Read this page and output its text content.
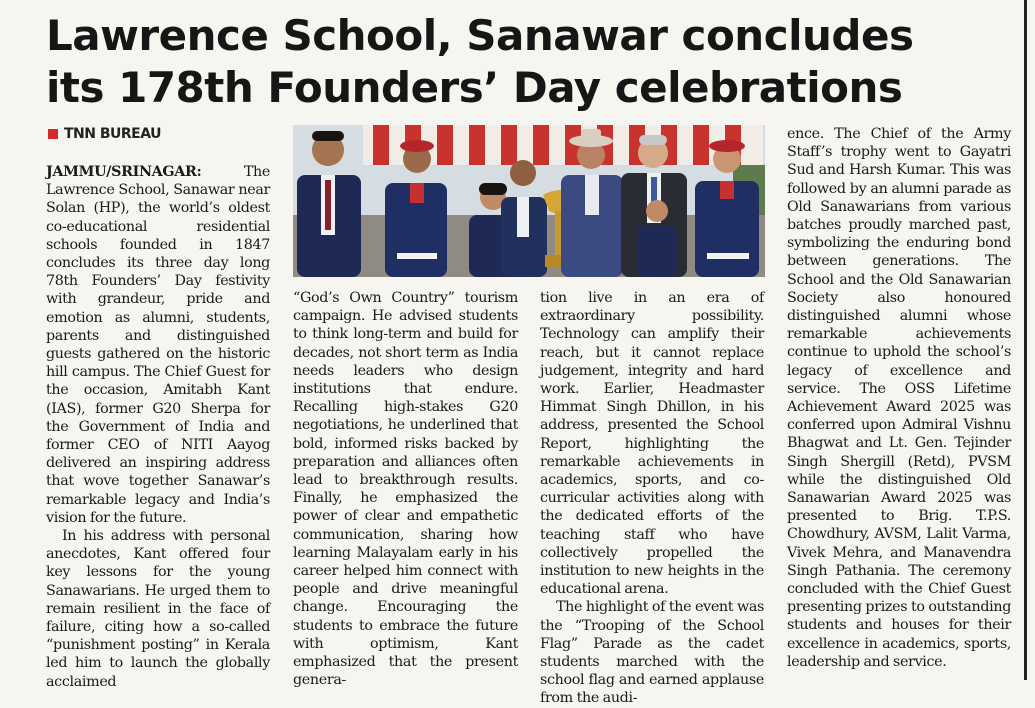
Lawrence School, Sanawar concludes
its 178th Founders’ Day celebrations
TNN BUREAU

JAMMU/SRINAGAR: The Lawrence School, Sanawar near Solan (HP), the world’s oldest co-educational residential schools founded in 1847 concludes its three day long 78th Founders’ Day festivity with grandeur, pride and emotion as alumni, students, parents and distinguished guests gathered on the historic hill campus. The Chief Guest for the occasion, Amitabh Kant (IAS), former G20 Sherpa for the Government of India and former CEO of NITI Aayog delivered an inspiring address that wove together Sanawar’s remarkable legacy and India’s vision for the future.

In his address with personal anecdotes, Kant offered four key lessons for the young Sanawarians. He urged them to remain resilient in the face of failure, citing how a so-called “punishment posting” in Kerala led him to launch the globally acclaimed

“God’s Own Country” tourism campaign. He advised students to think long-term and build for decades, not short term as India needs leaders who design institutions that endure. Recalling high-stakes G20 negotiations, he underlined that bold, informed risks backed by preparation and alliances often lead to breakthrough results. Finally, he emphasized the power of clear and empathetic communication, sharing how learning Malayalam early in his career helped him connect with people and drive meaningful change. Encouraging the students to embrace the future with optimism, Kant emphasized that the present genera-

tion live in an era of extraordinary possibility. Technology can amplify their reach, but it cannot replace judgement, integrity and hard work. Earlier, Headmaster Himmat Singh Dhillon, in his address, presented the School Report, highlighting the remarkable achievements in academics, sports, and co-curricular activities along with the dedicated efforts of the teaching staff who have collectively propelled the institution to new heights in the educational arena.

The highlight of the event was the “Trooping of the School Flag” Parade as the cadet students marched with the school flag and earned applause from the audi-

ence. The Chief of the Army Staff’s trophy went to Gayatri Sud and Harsh Kumar. This was followed by an alumni parade as Old Sanawarians from various batches proudly marched past, symbolizing the enduring bond between generations. The School and the Old Sanawarian Society also honoured distinguished alumni whose remarkable achievements continue to uphold the school’s legacy of excellence and service. The OSS Lifetime Achievement Award 2025 was conferred upon Admiral Vishnu Bhagwat and Lt. Gen. Tejinder Singh Shergill (Retd), PVSM while the distinguished Old Sanawarian Award 2025 was presented to Brig. T.P.S. Chowdhury, AVSM, Lalit Varma, Vivek Mehra, and Manavendra Singh Pathania. The ceremony concluded with the Chief Guest presenting prizes to outstanding students and houses for their excellence in academics, sports, leadership and service.
